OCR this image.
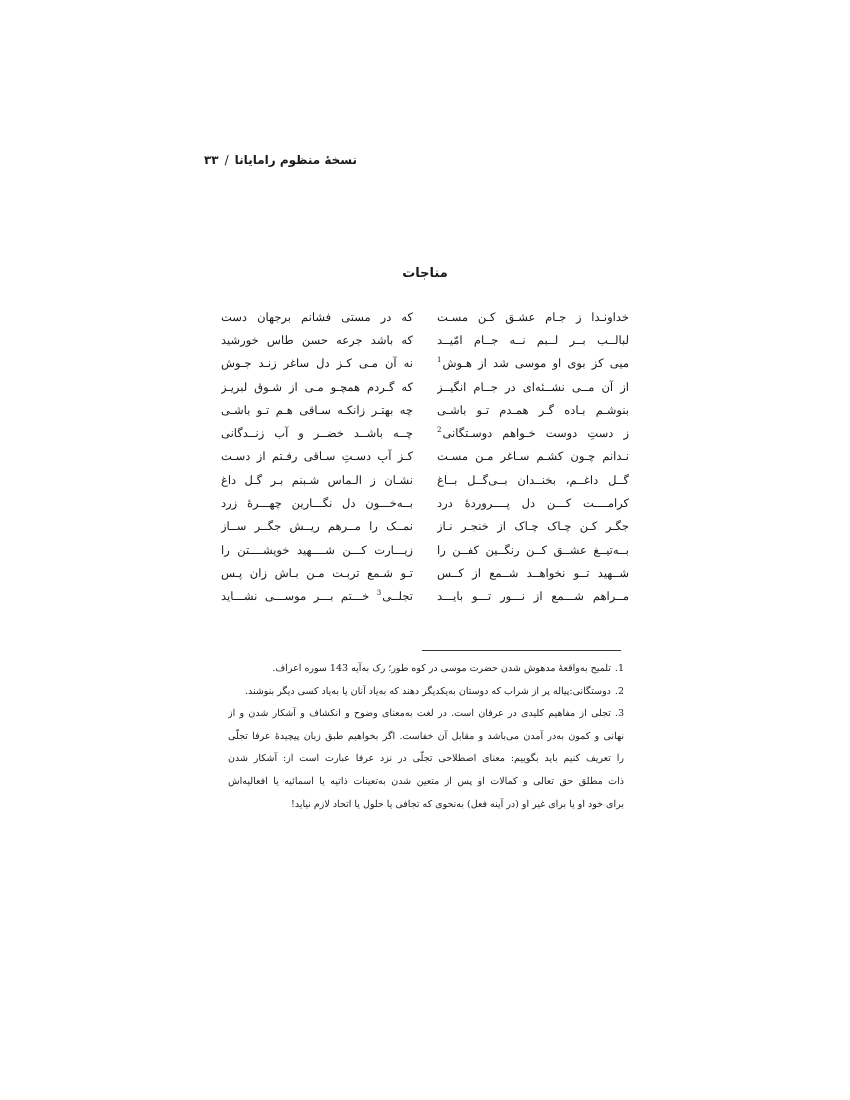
نسخهٔ منظوم رامایانا/۳۳
مناجات
خداونـدا ز جـام عشـق کـن مسـت
که در مستی فشانم برجهان دست
لبالــب بــر لــبم نــه جــام امّیــد
که باشد جرعه حسن طاس خورشید
میی کز بوی او موسی شد از هـوش$^1$
نه آن مـی کـز دلِ ساغر زنـد جـوش
از آن مــی نشــئه‌ای در جــام انگیــز
که گـردم همچـو مـی از شـوق لبریـز
بنوشـم بـاده گـر همـدم تـو باشـی
چه بهتـر زانکـه سـاقی هـم تـو باشـی
ز دستِ دوست خـواهم دوسـتگانی$^2$
چــه باشــد خضــر و آب زنــدگانی
نـدانم چـون کشـم سـاغر مـنِ مسـت
کـز آبِ دسـتِ سـاقی رفـتم از دسـت
گــل داغــم، بخنــدان بــی‌گــل بــاغ
نشـان ز الـماس شـبنم بـر گـل داغ
کرامــــت کـــن دلِ پــــروردهٔ درد
بــه‌خـــونِ دل نگـــارین چهـــرهٔ زرد
جگـر کـن چـاک چـاک از خنجـر نـاز
نمــک را مــرهم ریــش جگــر ســاز
بــه‌تیــغ عشــق کــن رنگــین کفــن را
زیـــارت کـــن شــــهید خویشــــتن را
شــهید تــو نخواهــد شــمع از کــس
تـو شـمع تربـت مـن بـاش زان پـس
مــراهم شـــمع از نـــور تـــو بایـــد
تجلــی$^3$ خـــتم بـــر موســـی نشـــاید
1.تلمیح به‌واقعهٔ مدهوش شدن حضرت موسی در کوه طور؛ رک به‌آیه 143 سوره اعراف.
2.دوستگانی:پیاله پر از شراب که دوستان به‌یکدیگر دهند که به‌یاد آنان یا به‌یاد کسی دیگر بنوشند.
3.تجلی از مفاهیم کلیدی در عرفان است. در لغت به‌معنای وضوح و انکشاف و آشکار شدن و از
نهانی و کمون به‌در آمدن می‌باشد و مقابل آن خفاست. اگر بخواهیم طبق زبان پیچیدهٔ عرفا تجلّی
را تعریف کنیم باید بگوییم: معنای اصطلاحی تجلّی در نزد عرفا عبارت است از: آشکار شدن
ذات مطلق حق تعالی و کمالات او پس از متعین شدن به‌تعینات ذاتیه یا اسمائیه یا افعالیه‌اش
برای خود او یا برای غیر او (در آینه فعل) به‌نحوی که تجافی یا حلول یا اتحاد لازم نیاید!
